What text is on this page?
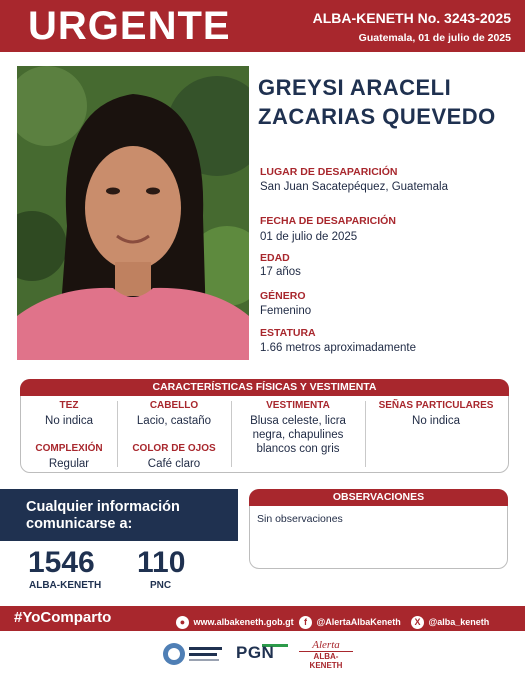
URGENTE	ALBA-KENETH No. 3243-2025
Guatemala, 01 de julio de 2025
GREYSI ARACELI
ZACARIAS QUEVEDO
LUGAR DE DESAPARICIÓN
San Juan Sacatepéquez, Guatemala
FECHA DE DESAPARICIÓN
01 de julio de 2025
EDAD
17 años
GÉNERO
Femenino
ESTATURA
1.66 metros aproximadamente
CARACTERÍSTICAS FÍSICAS Y VESTIMENTA
TEZ
No indica
COMPLEXIÓN
Regular
CABELLO
Lacio, castaño
COLOR DE OJOS
Café claro
VESTIMENTA
Blusa celeste, licra
negra, chapulines
blancos con gris
SEÑAS PARTICULARES
No indica
Cualquier información
comunicarse a:
1546
ALBA-KENETH
110
PNC
OBSERVACIONES
Sin observaciones
#YoComparto	● www.albakeneth.gob.gt	f @AlertaAlbaKeneth	X @alba_keneth
PGN	Alerta
ALBA-KENETH
